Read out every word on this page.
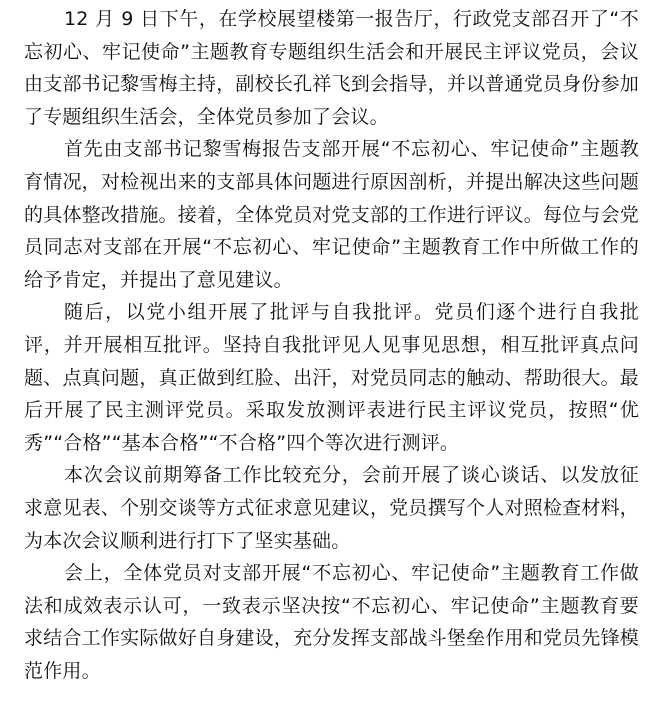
12 月 9 日下午，在学校展望楼第一报告厅，行政党支部召开了“不忘初心、牢记使命”主题教育专题组织生活会和开展民主评议党员，会议由支部书记黎雪梅主持，副校长孔祥飞到会指导，并以普通党员身份参加了专题组织生活会，全体党员参加了会议。

首先由支部书记黎雪梅报告支部开展“不忘初心、牢记使命”主题教育情况，对检视出来的支部具体问题进行原因剖析，并提出解决这些问题的具体整改措施。接着，全体党员对党支部的工作进行评议。每位与会党员同志对支部在开展“不忘初心、牢记使命”主题教育工作中所做工作的给予肯定，并提出了意见建议。

随后，以党小组开展了批评与自我批评。党员们逐个进行自我批评，并开展相互批评。坚持自我批评见人见事见思想，相互批评真点问题、点真问题，真正做到红脸、出汗，对党员同志的触动、帮助很大。最后开展了民主测评党员。采取发放测评表进行民主评议党员，按照“优秀”“合格”“基本合格”“不合格”四个等次进行测评。

本次会议前期筹备工作比较充分，会前开展了谈心谈话、以发放征求意见表、个别交谈等方式征求意见建议，党员撰写个人对照检查材料，为本次会议顺利进行打下了坚实基础。

会上，全体党员对支部开展“不忘初心、牢记使命”主题教育工作做法和成效表示认可，一致表示坚决按“不忘初心、牢记使命”主题教育要求结合工作实际做好自身建设，充分发挥支部战斗堡垒作用和党员先锋模范作用。
